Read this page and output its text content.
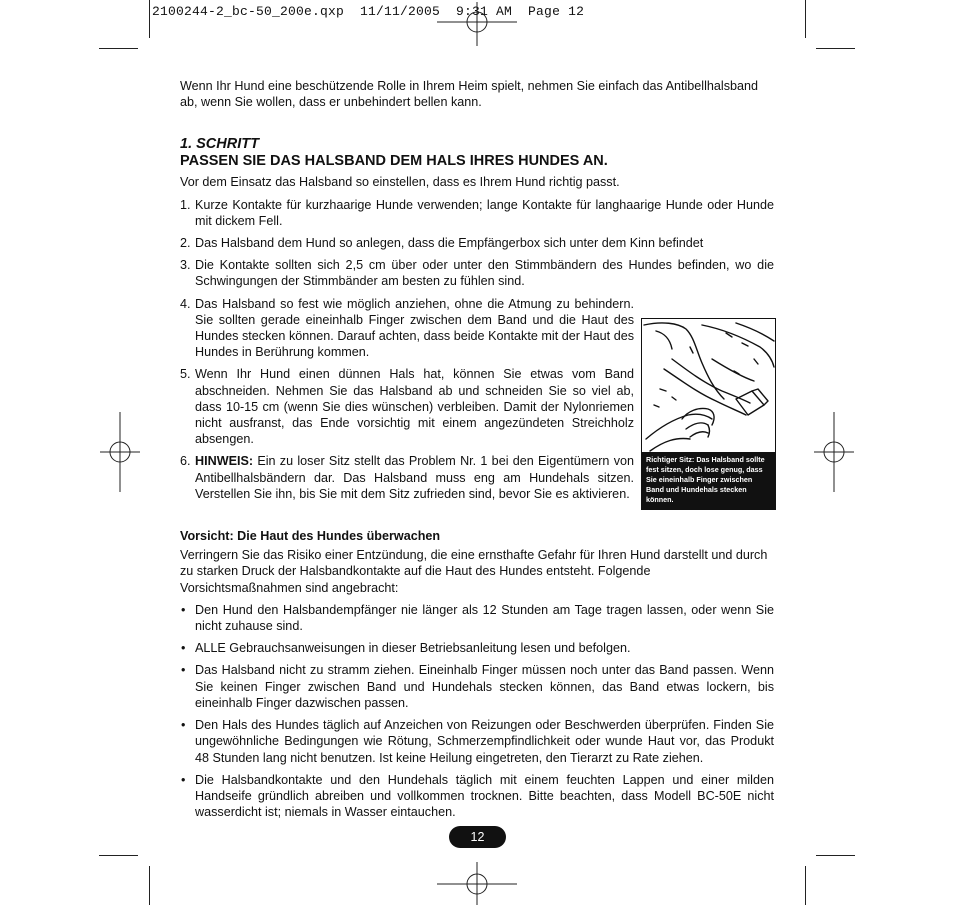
2100244-2_bc-50_200e.qxp  11/11/2005  9:31 AM  Page 12

Wenn Ihr Hund eine beschützende Rolle in Ihrem Heim spielt, nehmen Sie einfach das Antibellhalsband ab, wenn Sie wollen, dass er unbehindert bellen kann.

1. SCHRITT

PASSEN SIE DAS HALSBAND DEM HALS IHRES HUNDES AN.

Vor dem Einsatz das Halsband so einstellen, dass es Ihrem Hund richtig passt.

1. Kurze Kontakte für kurzhaarige Hunde verwenden; lange Kontakte für langhaarige Hunde oder Hunde mit dickem Fell.
2. Das Halsband dem Hund so anlegen, dass die Empfängerbox sich unter dem Kinn befindet
3. Die Kontakte sollten sich 2,5 cm über oder unter den Stimmbändern des Hundes befinden, wo die Schwingungen der Stimmbänder am besten zu fühlen sind.
4. Das Halsband so fest wie möglich anziehen, ohne die Atmung zu behindern. Sie sollten gerade eineinhalb Finger zwischen dem Band und die Haut des Hundes stecken können. Darauf achten, dass beide Kontakte mit der Haut des Hundes in Berührung kommen.
5. Wenn Ihr Hund einen dünnen Hals hat, können Sie etwas vom Band abschneiden. Nehmen Sie das Halsband ab und schneiden Sie so viel ab, dass 10-15 cm (wenn Sie dies wünschen) verbleiben. Damit der Nylonriemen nicht ausfranst, das Ende vorsichtig mit einem angezündeten Streichholz absengen.
6. HINWEIS: Ein zu loser Sitz stellt das Problem Nr. 1 bei den Eigentümern von Antibellhalsbändern dar. Das Halsband muss eng am Hundehals sitzen. Verstellen Sie ihn, bis Sie mit dem Sitz zufrieden sind, bevor Sie es aktivieren.

Vorsicht: Die Haut des Hundes überwachen

Verringern Sie das Risiko einer Entzündung, die eine ernsthafte Gefahr für Ihren Hund darstellt und durch zu starken Druck der Halsbandkontakte auf die Haut des Hundes entsteht. Folgende Vorsichtsmaßnahmen sind angebracht:

• Den Hund den Halsbandempfänger nie länger als 12 Stunden am Tage tragen lassen, oder wenn Sie nicht zuhause sind.
• ALLE Gebrauchsanweisungen in dieser Betriebsanleitung lesen und befolgen.
• Das Halsband nicht zu stramm ziehen. Eineinhalb Finger müssen noch unter das Band passen. Wenn Sie keinen Finger zwischen Band und Hundehals stecken können, das Band etwas lockern, bis eineinhalb Finger dazwischen passen.
• Den Hals des Hundes täglich auf Anzeichen von Reizungen oder Beschwerden überprüfen. Finden Sie ungewöhnliche Bedingungen wie Rötung, Schmerzempfindlichkeit oder wunde Haut vor, das Produkt 48 Stunden lang nicht benutzen. Ist keine Heilung eingetreten, den Tierarzt zu Rate ziehen.
• Die Halsbandkontakte und den Hundehals täglich mit einem feuchten Lappen und einer milden Handseife gründlich abreiben und vollkommen trocknen. Bitte beachten, dass Modell BC-50E nicht wasserdicht ist; niemals in Wasser eintauchen.
Richtiger Sitz: Das Halsband sollte fest sitzen, doch lose genug, dass Sie eineinhalb Finger zwischen Band und Hundehals stecken können.
12
